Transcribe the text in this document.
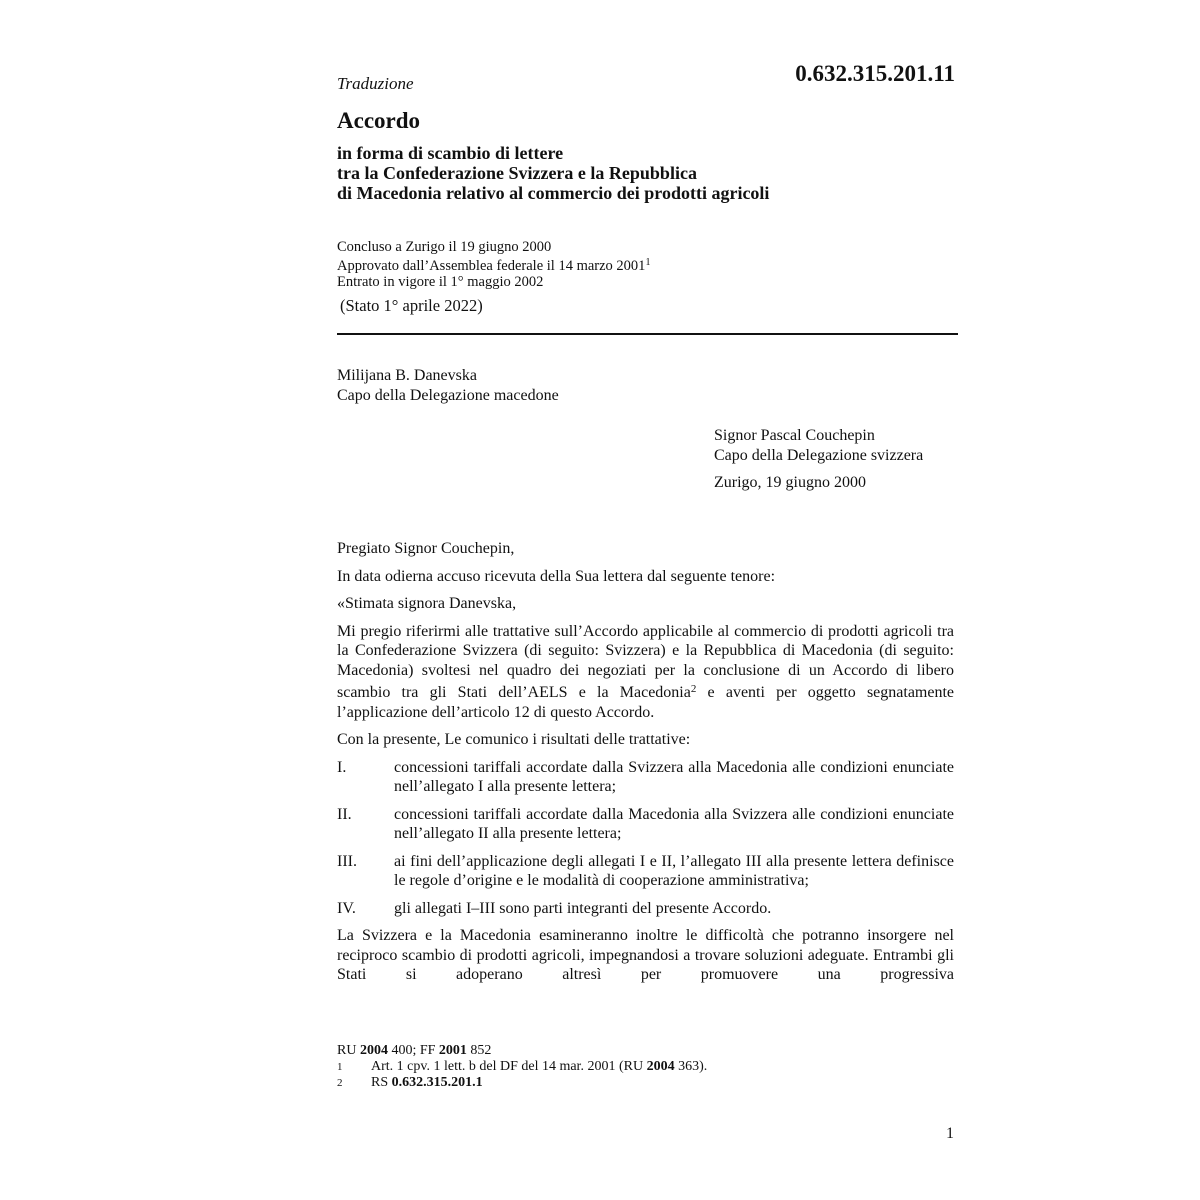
Traduzione	0.632.315.201.11
Accordo
in forma di scambio di lettere
tra la Confederazione Svizzera e la Repubblica
di Macedonia relativo al commercio dei prodotti agricoli
Concluso a Zurigo il 19 giugno 2000
Approvato dall’Assemblea federale il 14 marzo 2001$^1$
Entrato in vigore il 1° maggio 2002
(Stato 1° aprile 2022)
Milijana B. Danevska
Capo della Delegazione macedone
Signor Pascal Couchepin
Capo della Delegazione svizzera
Zurigo, 19 giugno 2000

Pregiato Signor Couchepin,

In data odierna accuso ricevuta della Sua lettera dal seguente tenore:

«Stimata signora Danevska,

Mi pregio riferirmi alle trattative sull’Accordo applicabile al commercio di prodotti agricoli tra la Confederazione Svizzera (di seguito: Svizzera) e la Repubblica di Macedonia (di seguito: Macedonia) svoltesi nel quadro dei negoziati per la conclusione di un Accordo di libero scambio tra gli Stati dell’AELS e la Macedonia$^2$ e aventi per oggetto segnatamente l’applicazione dell’articolo 12 di questo Accordo.

Con la presente, Le comunico i risultati delle trattative:

I.	concessioni tariffali accordate dalla Svizzera alla Macedonia alle condizioni enunciate nell’allegato I alla presente lettera;
II.	concessioni tariffali accordate dalla Macedonia alla Svizzera alle condizioni enunciate nell’allegato II alla presente lettera;
III.	ai fini dell’applicazione degli allegati I e II, l’allegato III alla presente lettera definisce le regole d’origine e le modalità di cooperazione amministrativa;
IV.	gli allegati I–III sono parti integranti del presente Accordo.

La Svizzera e la Macedonia esamineranno inoltre le difficoltà che potranno insorgere nel reciproco scambio di prodotti agricoli, impegnandosi a trovare soluzioni adeguate. Entrambi gli Stati si adoperano altresì per promuovere una progressiva

RU 2004 400; FF 2001 852
1	Art. 1 cpv. 1 lett. b del DF del 14 mar. 2001 (RU 2004 363).
2	RS 0.632.315.201.1
1
